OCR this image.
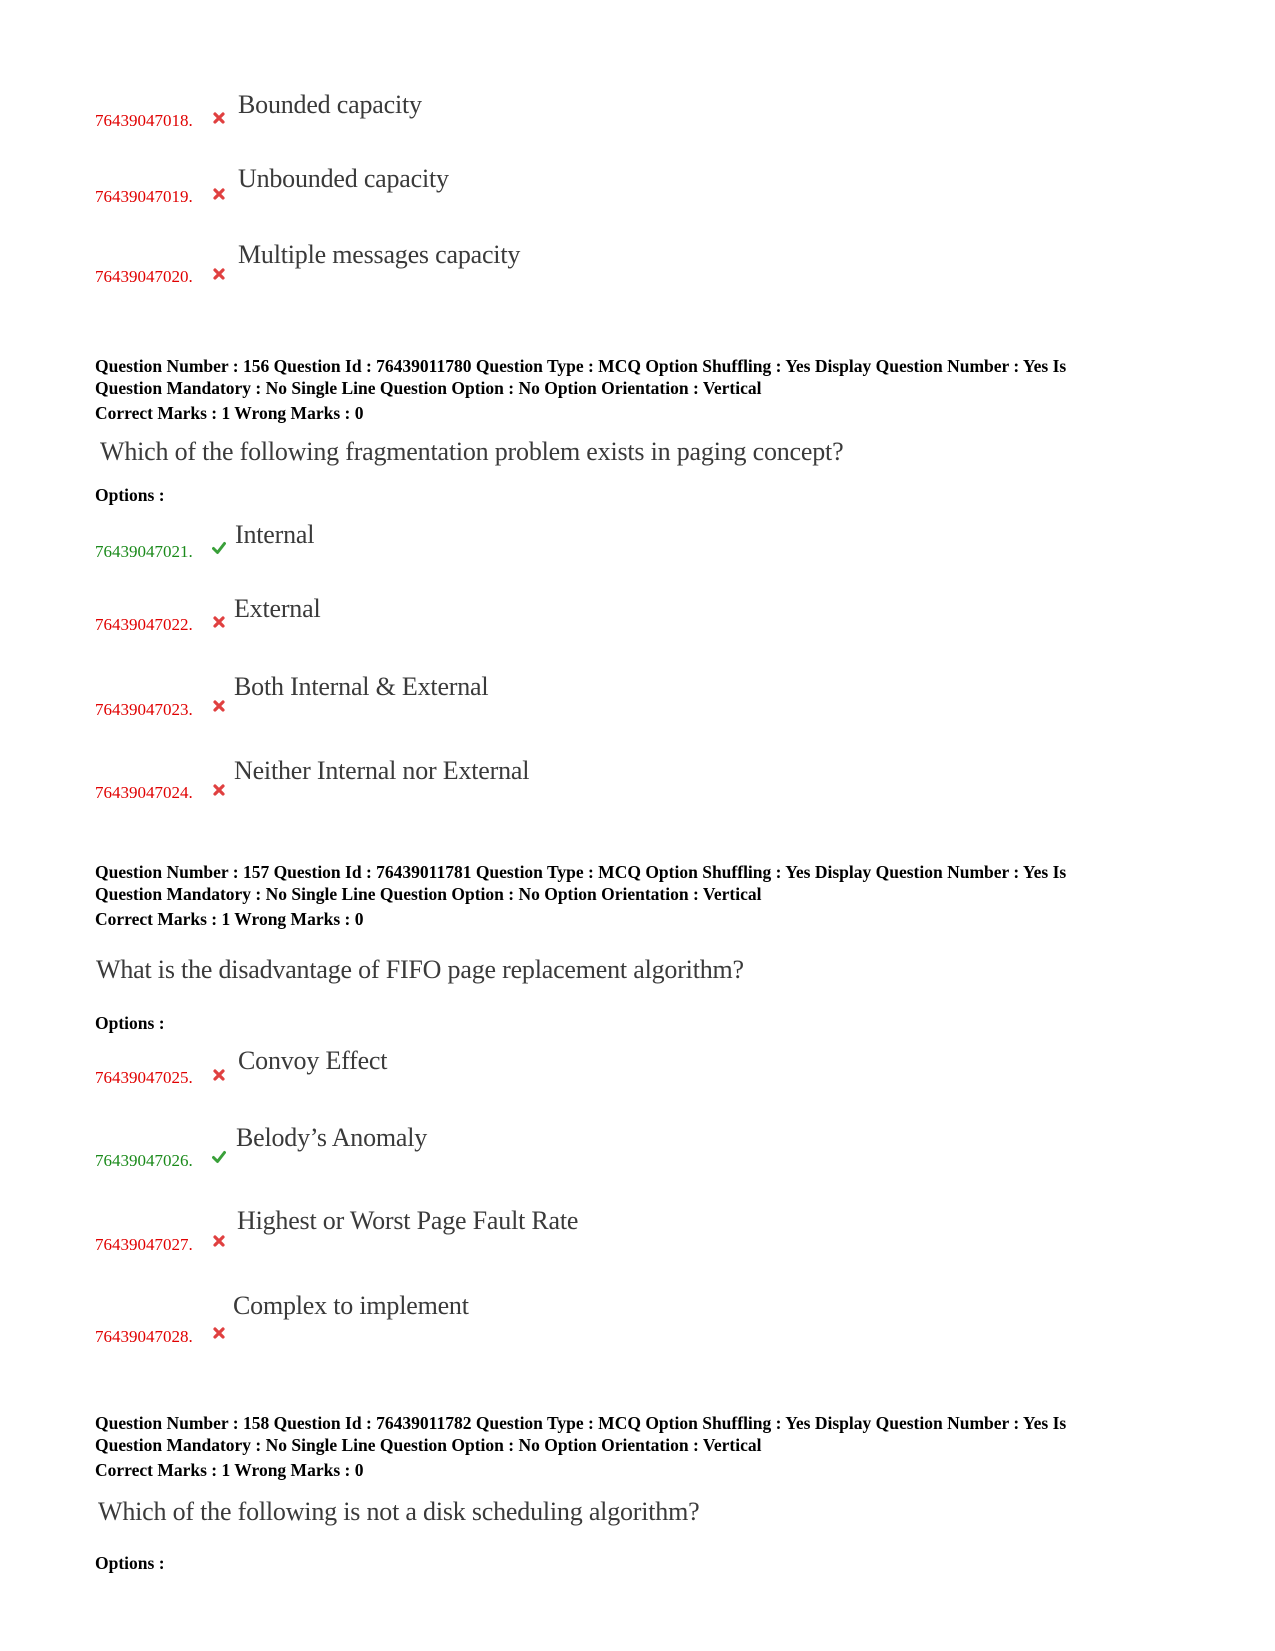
76439047018.
Bounded capacity
76439047019.
Unbounded capacity
76439047020.
Multiple messages capacity

Question Number : 156 Question Id : 76439011780 Question Type : MCQ Option Shuffling : Yes Display Question Number : Yes Is

Question Mandatory : No Single Line Question Option : No Option Orientation : Vertical

Correct Marks : 1 Wrong Marks : 0

Which of the following fragmentation problem exists in paging concept?
Options :
76439047021.
Internal
76439047022.
External
76439047023.
Both Internal & External
76439047024.
Neither Internal nor External

Question Number : 157 Question Id : 76439011781 Question Type : MCQ Option Shuffling : Yes Display Question Number : Yes Is

Question Mandatory : No Single Line Question Option : No Option Orientation : Vertical

Correct Marks : 1 Wrong Marks : 0

What is the disadvantage of FIFO page replacement algorithm?
Options :
76439047025.
Convoy Effect
76439047026.
Belody’s Anomaly
76439047027.
Highest or Worst Page Fault Rate
76439047028.
Complex to implement

Question Number : 158 Question Id : 76439011782 Question Type : MCQ Option Shuffling : Yes Display Question Number : Yes Is

Question Mandatory : No Single Line Question Option : No Option Orientation : Vertical

Correct Marks : 1 Wrong Marks : 0

Which of the following is not a disk scheduling algorithm?
Options :
